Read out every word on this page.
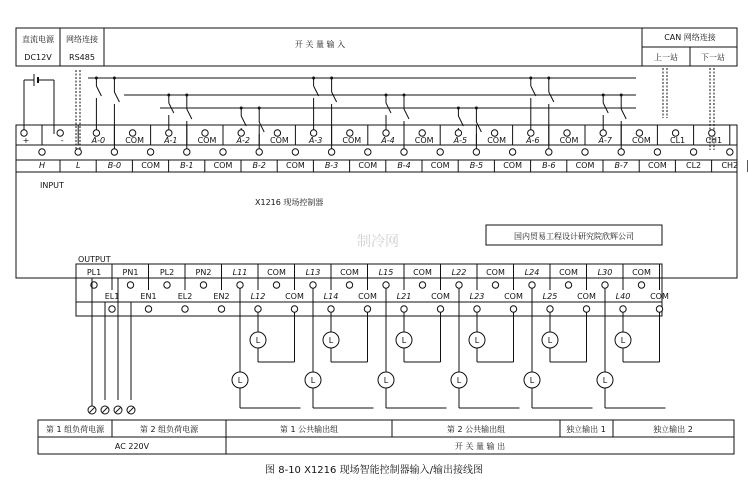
直流电源
DC12V
网络连接
RS485
开 关 量 输 入
CAN 网络连接
上一站	下一站
+	-	A-0	COM	A-1	COM	A-2	COM	A-3	COM	A-4	COM	A-5	COM	A-6	COM	A-7	COM CL1	CH1
H	L	B-0	COM	B-1	COM	B-2	COM	B-3	COM	B-4	COM	B-5	COM	B-6	COM	B-7	COM CL2	CH2
PL1	PN1	PL2	PN2	L11 COM L13 COM L15 COM L22 COM L24 COM L30 COM
EL1	EN1	EL2	EN2	L12 COM L14 COM L21 COM L23 COM L25 COM L40 COM
L
L
L
L
L
L
L
L
L
L
L
L
INPUT
X1216 现场控制器
国内贸易工程设计研究院欣辉公司
制冷网
OUTPUT
第 1 组负荷电源	第 2 组负荷电源	第 1 公共输出组	第 2 公共输出组	独立输出 1	独立输出 2
AC 220V	开 关 量 输 出
图 8-10 X1216 现场智能控制器输入/输出接线图
